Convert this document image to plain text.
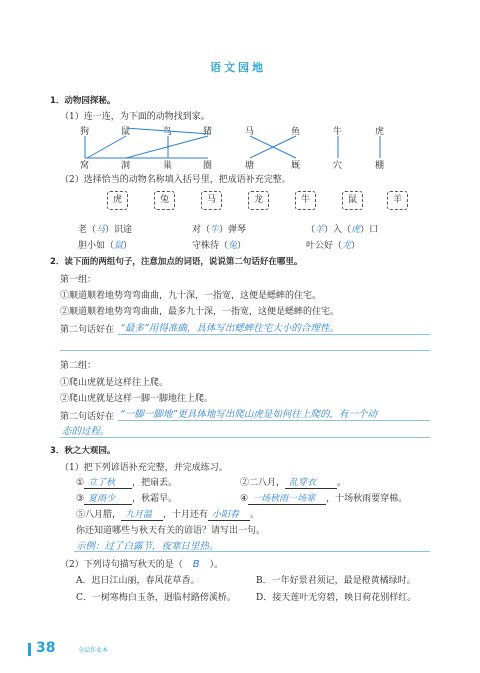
语文园地
1．动物园探秘。
（1）连一连，为下面的动物找到家。
狗	鼠	鸟	猪	马	鱼	牛	虎
窝	洞	巢	圈	塘	厩	穴	棚
（2）选择恰当的动物名称填入括号里，把成语补充完整。
虎	兔	马	龙	牛	鼠	羊
老（马）识途	对（牛）弹琴	（羊）入（虎）口
胆小如（鼠）	守株待（兔）	叶公好（龙）
2．读下面的两组句子，注意加点的词语，说说第二句话好在哪里。
第一组：
①顺道顺着地势弯弯曲曲，九十深，一指宽，这便是蟋蟀的住宅。
②顺道顺着地势弯弯曲曲，最多九十深，一指宽，这便是蟋蟀的住宅。
第二句话好在 “最多”用得准确，具体写出蟋蟀住宅大小的合理性。
第二组：
①爬山虎就是这样往上爬。
②爬山虎就是这样一脚一脚地往上爬。
第二句话好在 “一脚一脚地”更具体地写出爬山虎是如何往上爬的，有一个动
态的过程。
3．秋之大观园。
（1）把下列谚语补充完整，并完成练习。
① 立了秋 ，把扇丢。	②二八月， 乱穿衣 。
③ 夏雨少 ，秋霜早。	④ 一场秋雨一场寒 ，十场秋雨要穿棉。
⑤八月腊， 九月温 ，十月还有 小阳春 。
你还知道哪些与秋天有关的谚语？请写出一句。
示例：过了白露节，夜寒日里热。
（2）下列诗句描写秋天的是（ B ）。
A．迟日江山丽，春风花草香。	B．一年好景君须记，最是橙黄橘绿时。
C．一树寒梅白玉条，迥临村路傍溪桥。 D．接天莲叶无穷碧，映日荷花别样红。
38	全品作业本
